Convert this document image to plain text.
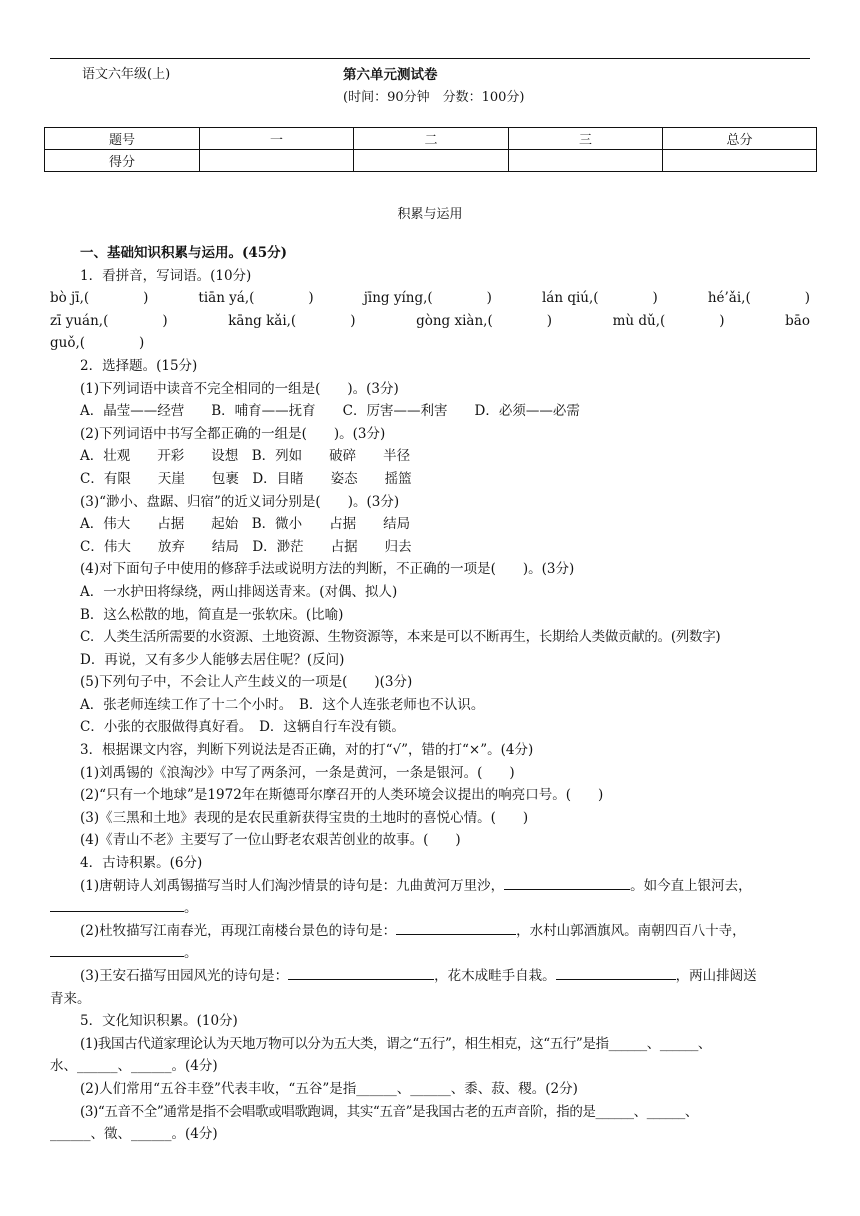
语文六年级(上)	第六单元测试卷
(时间：90分钟　分数：100分)
题号	一	二	三	总分
得分				
积累与运用
一、基础知识积累与运用。(45分)
1．看拼音，写词语。(10分)
bò jī,(　　　　)	tiān yá,(　　　　)	jīng yíng,(　　　　)	lán qiú,(　　　　)	hé’ǎi,(　　　　)
zī yuán,(　　　　)	kāng kǎi,(　　　　)	gòng xiàn,(　　　　)	mù dǔ,(　　　　)	bāo
guǒ,(　　　　)
2．选择题。(15分)
(1)下列词语中读音不完全相同的一组是(　　)。(3分)
A．晶莹——经营　　B．哺育——抚育　　C．厉害——利害　　D．必须——必需
(2)下列词语中书写全都正确的一组是(　　)。(3分)
A．壮观　　开彩　　设想　B．列如　　破碎　　半径
C．有限　　天崖　　包裹　D．目睹　　姿态　　摇篮
(3)“渺小、盘踞、归宿”的近义词分别是(　　)。(3分)
A．伟大　　占据　　起始　B．微小　　占据　　结局
C．伟大　　放弃　　结局　D．渺茫　　占据　　归去
(4)对下面句子中使用的修辞手法或说明方法的判断，不正确的一项是(　　)。(3分)
A．一水护田将绿绕，两山排闼送青来。(对偶、拟人)
B．这么松散的地，简直是一张软床。(比喻)
C．人类生活所需要的水资源、土地资源、生物资源等，本来是可以不断再生，长期给人类做贡献的。(列数字)
D．再说，又有多少人能够去居住呢？(反问)
(5)下列句子中，不会让人产生歧义的一项是(　　)(3分)
A．张老师连续工作了十二个小时。　B．这个人连张老师也不认识。
C．小张的衣服做得真好看。　D．这辆自行车没有锁。
3．根据课文内容，判断下列说法是否正确，对的打“√”，错的打“×”。(4分)
(1)刘禹锡的《浪淘沙》中写了两条河，一条是黄河，一条是银河。(　　)
(2)“只有一个地球”是1972年在斯德哥尔摩召开的人类环境会议提出的响亮口号。(　　)
(3)《三黑和土地》表现的是农民重新获得宝贵的土地时的喜悦心情。(　　)
(4)《青山不老》主要写了一位山野老农艰苦创业的故事。(　　)
4．古诗积累。(6分)
(1)唐朝诗人刘禹锡描写当时人们淘沙情景的诗句是：九曲黄河万里沙，	。如今直上银河去，
。
(2)杜牧描写江南春光，再现江南楼台景色的诗句是：	，水村山郭酒旗风。南朝四百八十寺，
。
(3)王安石描写田园风光的诗句是：	，花木成畦手自栽。	，两山排闼送
青来。
5．文化知识积累。(10分)
(1)我国古代道家理论认为天地万物可以分为五大类，谓之“五行”，相生相克，这“五行”是指______、______、
水、______、______。(4分)
(2)人们常用“五谷丰登”代表丰收，“五谷”是指______、______、黍、菽、稷。(2分)
(3)“五音不全”通常是指不会唱歌或唱歌跑调，其实“五音”是我国古老的五声音阶，指的是______、______、
______、徵、______。(4分)
